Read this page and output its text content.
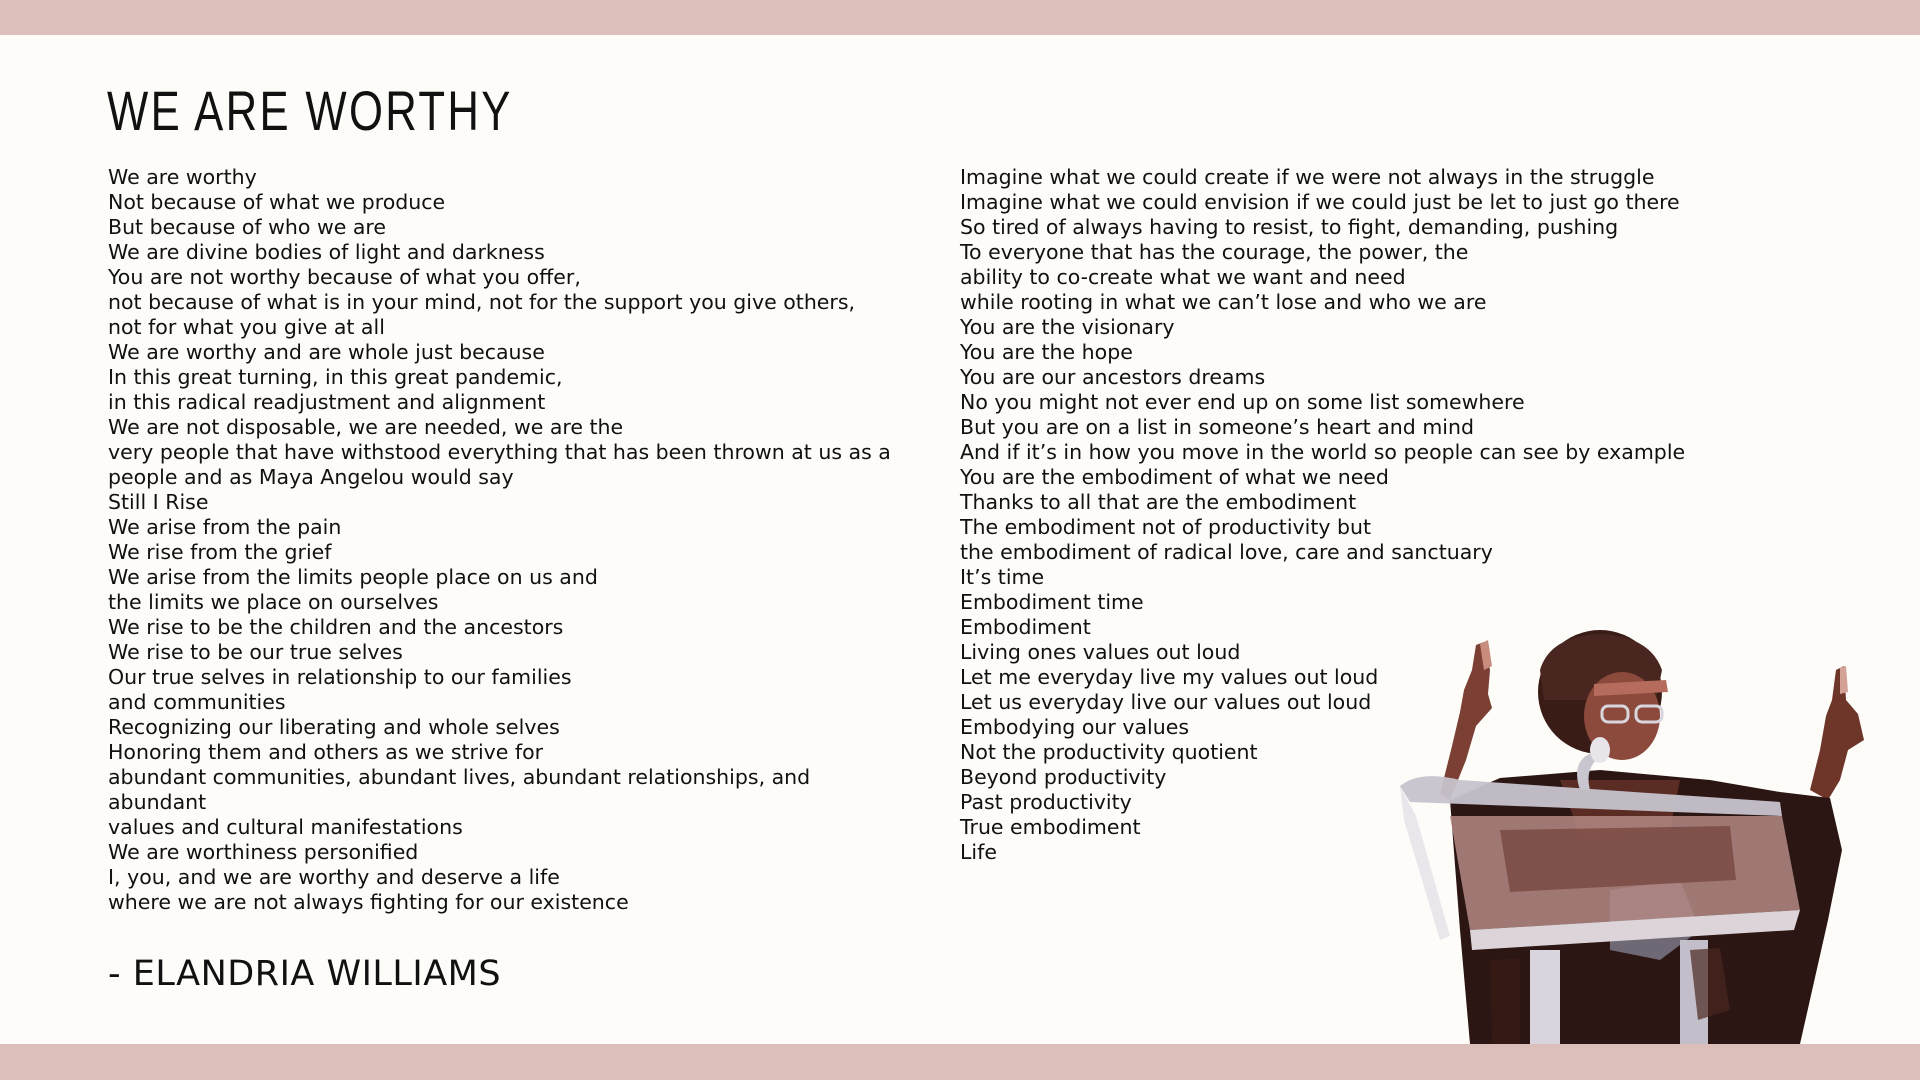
WE ARE WORTHY
We are worthy
Not because of what we produce
But because of who we are
We are divine bodies of light and darkness
You are not worthy because of what you offer,
not because of what is in your mind, not for the support you give others,
not for what you give at all
We are worthy and are whole just because
In this great turning, in this great pandemic,
in this radical readjustment and alignment
We are not disposable, we are needed, we are the
very people that have withstood everything that has been thrown at us as a
people and as Maya Angelou would say
Still I Rise
We arise from the pain
We rise from the grief
We arise from the limits people place on us and
the limits we place on ourselves
We rise to be the children and the ancestors
We rise to be our true selves
Our true selves in relationship to our families
and communities
Recognizing our liberating and whole selves
Honoring them and others as we strive for
abundant communities, abundant lives, abundant relationships, and
abundant
values and cultural manifestations
We are worthiness personified
I, you, and we are worthy and deserve a life
where we are not always fighting for our existence
Imagine what we could create if we were not always in the struggle
Imagine what we could envision if we could just be let to just go there
So tired of always having to resist, to fight, demanding, pushing
To everyone that has the courage, the power, the
ability to co-create what we want and need
while rooting in what we can’t lose and who we are
You are the visionary
You are the hope
You are our ancestors dreams
No you might not ever end up on some list somewhere
But you are on a list in someone’s heart and mind
And if it’s in how you move in the world so people can see by example
You are the embodiment of what we need
Thanks to all that are the embodiment
The embodiment not of productivity but
the embodiment of radical love, care and sanctuary
It’s time
Embodiment time
Embodiment
Living ones values out loud
Let me everyday live my values out loud
Let us everyday live our values out loud
Embodying our values
Not the productivity quotient
Beyond productivity
Past productivity
True embodiment
Life

- ELANDRIA WILLIAMS
